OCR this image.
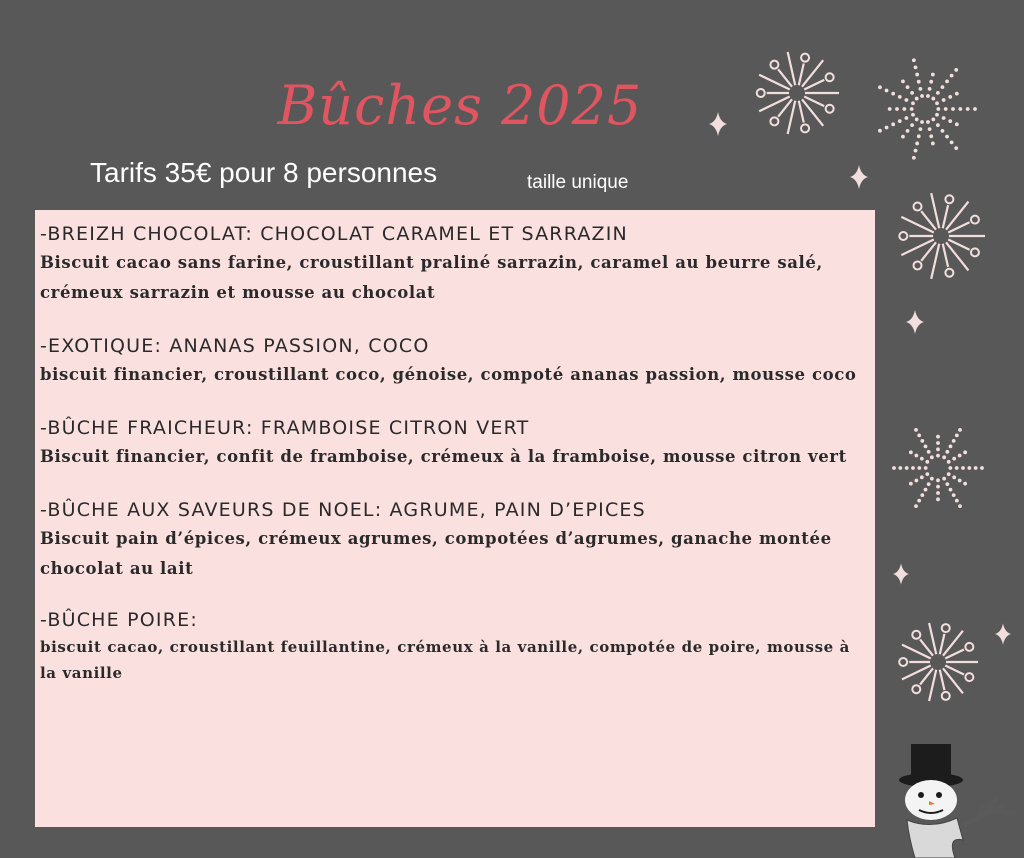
Bûches 2025
Tarifs 35€ pour 8 personnes	taille unique
-BREIZH CHOCOLAT: CHOCOLAT CARAMEL ET SARRAZIN
Biscuit cacao sans farine, croustillant praliné sarrazin, caramel au beurre salé, crémeux sarrazin et mousse au chocolat
-EXOTIQUE: ANANAS PASSION, COCO
biscuit financier, croustillant coco, génoise, compoté ananas passion, mousse coco
-BÛCHE FRAICHEUR: FRAMBOISE CITRON VERT
Biscuit financier, confit de framboise, crémeux à la framboise, mousse citron vert
-BÛCHE AUX SAVEURS DE NOEL: AGRUME, PAIN D’EPICES
Biscuit pain d’épices, crémeux agrumes, compotées d’agrumes, ganache montée chocolat au lait
-BÛCHE POIRE:
biscuit cacao, croustillant feuillantine, crémeux à la vanille, compotée de poire, mousse à la vanille
